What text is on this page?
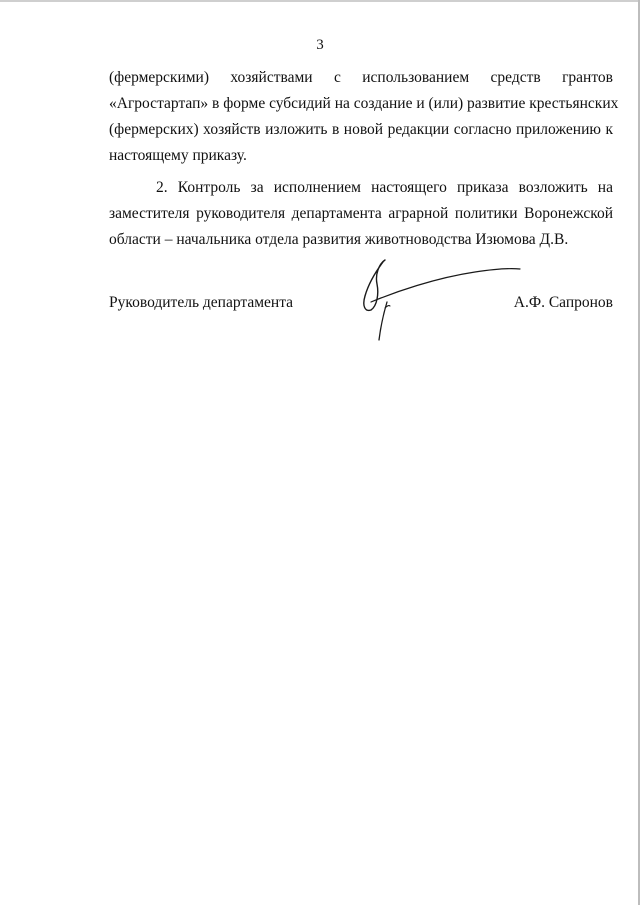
3
(фермерскими) хозяйствами с использованием средств грантов
«Агростартап» в форме субсидий на создание и (или) развитие крестьянских
(фермерских) хозяйств изложить в новой редакции согласно приложению к
настоящему приказу.
2. Контроль за исполнением настоящего приказа возложить на
заместителя руководителя департамента аграрной политики Воронежской
области – начальника отдела развития животноводства Изюмова Д.В.
Руководитель департамента	А.Ф. Сапронов
